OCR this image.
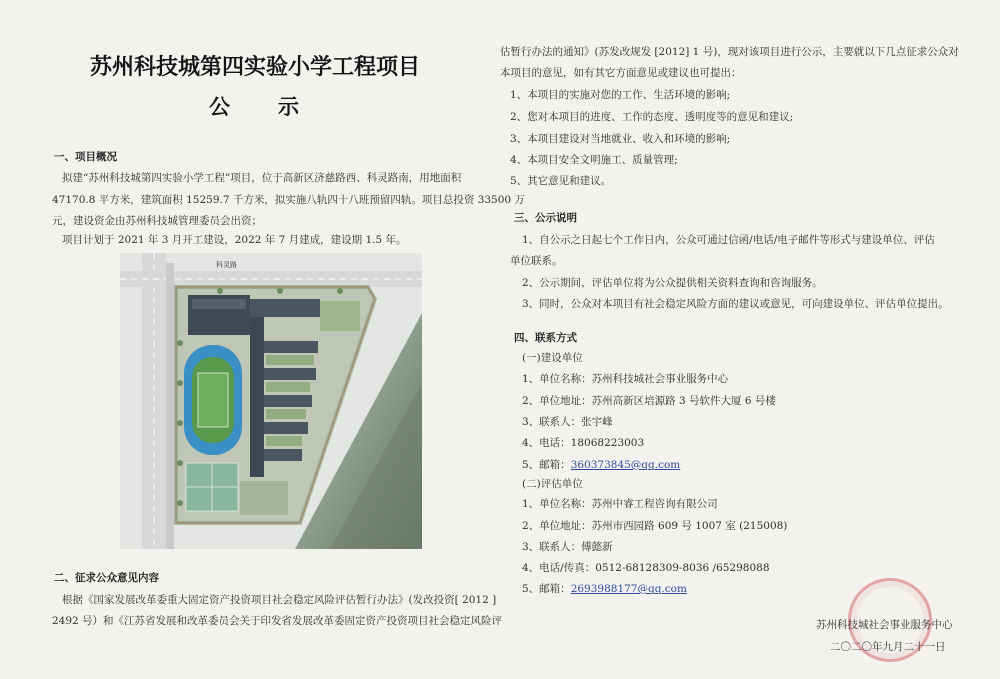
苏州科技城第四实验小学工程项目
公　　示
一、项目概况
拟建“苏州科技城第四实验小学工程”项目，位于高新区济慈路西、科灵路南，用地面积
47170.8 平方米，建筑面积 15259.7 千方米，拟实施八轨四十八班预留四轨。项目总投资 33500 万
元，建设资金由苏州科技城管理委员会出资；
项目计划于 2021 年 3 月开工建设，2022 年 7 月建成，建设期 1.5 年。
科灵路
二、征求公众意见内容
根据《国家发展改革委重大固定资产投资项目社会稳定风险评估暂行办法》(发改投资[ 2012 ]
2492 号）和《江苏省发展和改革委员会关于印发省发展改革委固定资产投资项目社会稳定风险评
估暂行办法的通知》(苏发改规发 [2012] 1 号)，现对该项目进行公示，主要就以下几点征求公众对
本项目的意见，如有其它方面意见或建议也可提出：
1、本项目的实施对您的工作、生活环境的影响;
2、您对本项目的进度、工作的态度、透明度等的意见和建议;
3、本项目建设对当地就业、收入和环境的影响;
4、本项目安全文明施工、质量管理;
5、其它意见和建议。
三、公示说明
1、自公示之日起七个工作日内，公众可通过信函/电话/电子邮件等形式与建设单位、评估
单位联系。
2、公示期间，评估单位将为公众提供相关资料查询和咨询服务。
3、同时，公众对本项目有社会稳定风险方面的建议或意见，可向建设单位、评估单位提出。
四、联系方式
(一)建设单位
1、单位名称：苏州科技城社会事业服务中心
2、单位地址：苏州高新区培源路 3 号软件大厦 6 号楼
3、联系人：张宇峰
4、电话：18068223003
5、邮箱：360373845@qq.com
(二)评估单位
1、单位名称：苏州中睿工程咨询有限公司
2、单位地址：苏州市西园路 609 号 1007 室 (215008)
3、联系人：傅懿新
4、电话/传真：0512-68128309-8036 /65298088
5、邮箱：2693988177@qq.com
苏州科技城社会事业服务中心
二〇二〇年九月二十一日
